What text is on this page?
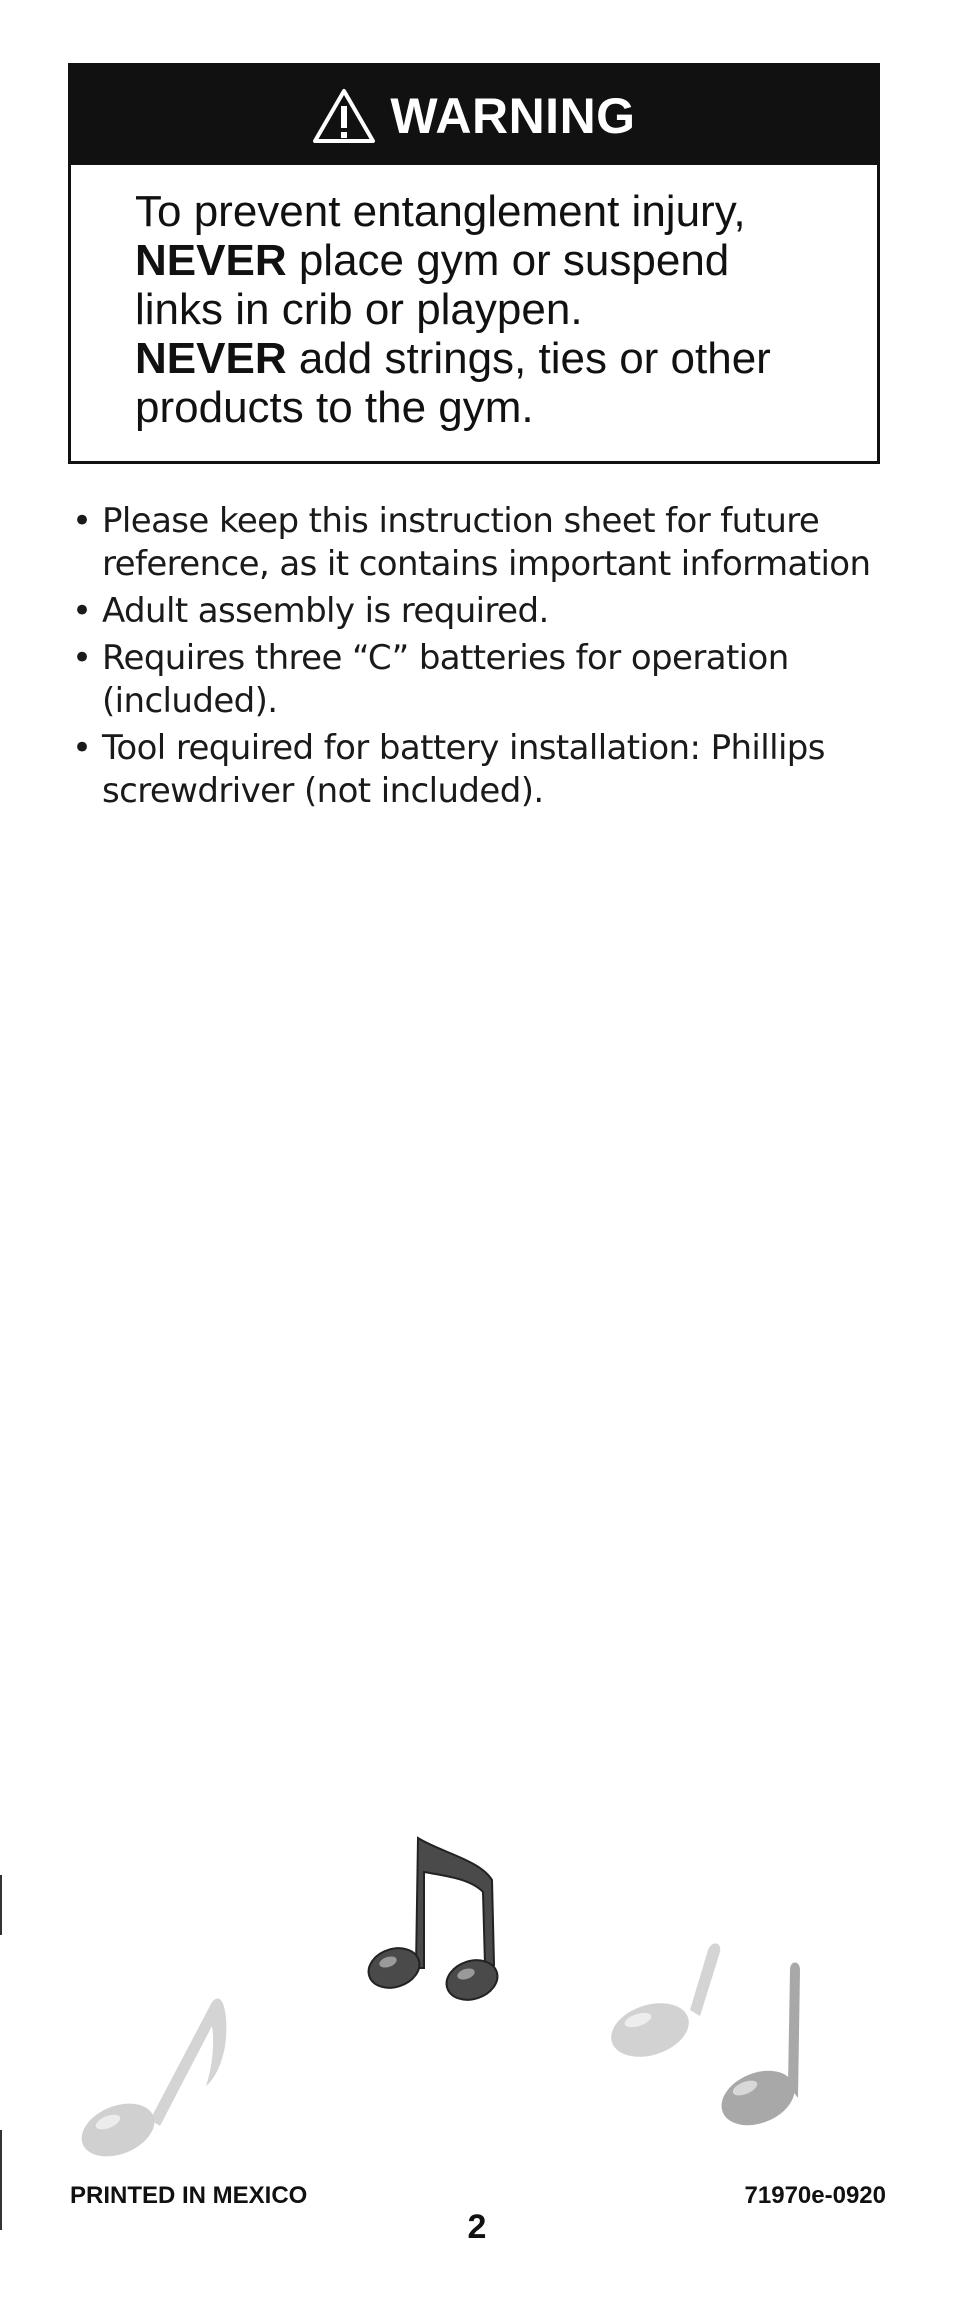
WARNING
To prevent entanglement injury,
NEVER place gym or suspend
links in crib or playpen.
NEVER add strings, ties or other
products to the gym.
• Please keep this instruction sheet for future
reference, as it contains important information
• Adult assembly is required.
• Requires three “C” batteries for operation
(included).
• Tool required for battery installation: Phillips
screwdriver (not included).
PRINTED IN MEXICO	71970e-0920
2
